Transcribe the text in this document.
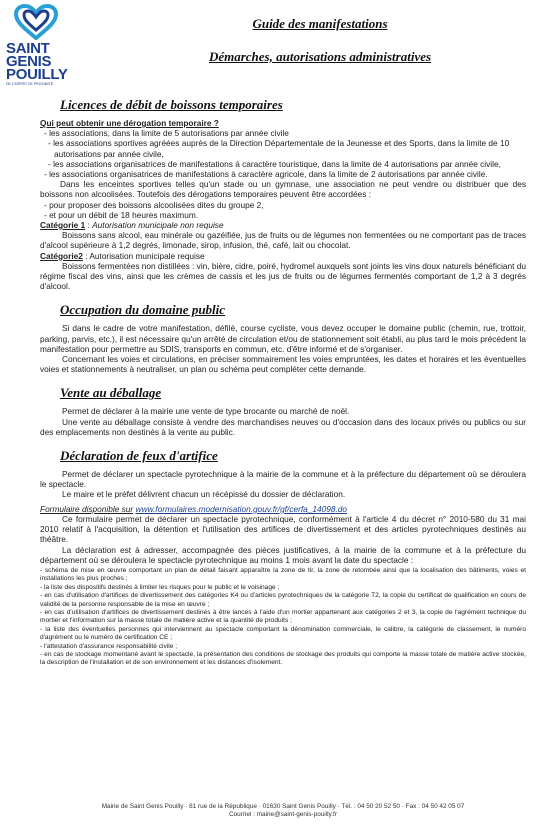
SAINT
GENIS
POUILLY
DE L'ESPRIT DE PROXIMITÉ
Guide des manifestations
Démarches, autorisations administratives
Licences de débit de boissons temporaires

Qui peut obtenir une dérogation temporaire ?

- les associations, dans la limite de 5 autorisations par année civile

- les associations sportives agréées auprès de la Direction Départementale de la Jeunesse et des Sports, dans la limite de 10 autorisations par année civile,

- les associations organisatrices de manifestations à caractère touristique, dans la limite de 4 autorisations par année civile,

- les associations organisatrices de manifestations à caractère agricole, dans la limite de 2 autorisations par année civile.

Dans les enceintes sportives telles qu'un stade ou un gymnase, une association ne peut vendre ou distribuer que des boissons non alcoolisées. Toutefois des dérogations temporaires peuvent être accordées :

- pour proposer des boissons alcoolisées dites du groupe 2,

- et pour un débit de 18 heures maximum.

Catégorie 1 : Autorisation municipale non requise

Boissons sans alcool, eau minérale ou gazéifiée, jus de fruits ou de légumes non fermentées ou ne comportant pas de traces d'alcool supérieure à 1,2 degrés, limonade, sirop, infusion, thé, café, lait ou chocolat.

Catégorie2 : Autorisation municipale requise

Boissons fermentées non distillées : vin, bière, cidre, poiré, hydromel auxquels sont joints les vins doux naturels bénéficiant du régime fiscal des vins, ainsi que les crèmes de cassis et les jus de fruits ou de légumes fermentés comportant de 1,2 à 3 degrés d'alcool.

Occupation du domaine public

Si dans le cadre de votre manifestation, défilé, course cycliste, vous devez occuper le domaine public (chemin, rue, trottoir, parking, parvis, etc.), il est nécessaire qu'un arrêté de circulation et/ou de stationnement soit établi, au plus tard le mois précédent la manifestation pour permettre au SDIS, transports en commun, etc. d'être informé et de s'organiser.

Concernant les voies et circulations, en préciser sommairement les voies empruntées, les dates et horaires et les éventuelles voies et stationnements à neutraliser, un plan ou schéma peut compléter cette demande.

Vente au déballage

Permet de déclarer à la mairie une vente de type brocante ou marché de noël.

Une vente au déballage consiste à vendre des marchandises neuves ou d'occasion dans des locaux privés ou publics ou sur des emplacements non destinés à la vente au public.

Déclaration de feux d'artifice

Permet de déclarer un spectacle pyrotechnique à la mairie de la commune et à la préfecture du département où se déroulera le spectacle.

Le maire et le préfet délivrent chacun un récépissé du dossier de déclaration.

Formulaire disponible sur www.formulaires.modernisation.gouv.fr/gf/cerfa_14098.do

Ce formulaire permet de déclarer un spectacle pyrotechnique, conformément à l'article 4 du décret n° 2010-580 du 31 mai 2010 relatif à l'acquisition, la détention et l'utilisation des artifices de divertissement et des articles pyrotechniques destinés au théâtre.

La déclaration est à adresser, accompagnée des pièces justificatives, à la mairie de la commune et à la préfecture du département où se déroulera le spectacle pyrotechnique au moins 1 mois avant la date du spectacle :

- schéma de mise en œuvre comportant un plan de détail faisant apparaître la zone de tir, la zone de retombée ainsi que la localisation des bâtiments, voies et installations les plus proches ;

- la liste des dispositifs destinés à limiter les risques pour le public et le voisinage ;

- en cas d'utilisation d'artifices de divertissement des catégories K4 ou d'articles pyrotechniques de la catégorie T2, la copie du certificat de qualification en cours de validité de la personne responsable de la mise en œuvre ;

- en cas d'utilisation d'artifices de divertissement destinés à être lancés à l'aide d'un mortier appartenant aux catégories 2 et 3, la copie de l'agrément technique du mortier et l'information sur la masse totale de matière active et la quantité de produits ;

- la liste des éventuelles personnes qui interviennent au spectacle comportant la dénomination commerciale, le calibre, la catégorie de classement, le numéro d'agrément ou le numéro de certification CE ;

- l'attestation d'assurance responsabilité civile ;

- en cas de stockage momentané avant le spectacle, la présentation des conditions de stockage des produits qui comporte la masse totale de matière active stockée, la description de l'installation et de son environnement et les distances d'isolement.

Mairie de Saint Genis Pouilly · 81 rue de la République · 01630 Saint Genis Pouilly · Tél. : 04 50 20 52 50 · Fax : 04 50 42 05 07
Courriel : mairie@saint-genis-pouilly.fr
